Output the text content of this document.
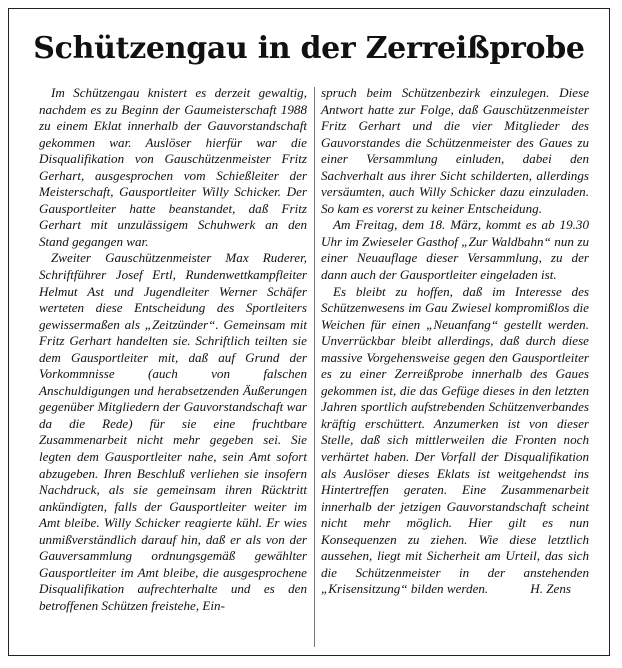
Schützengau in der Zerreißprobe

Im Schützengau knistert es derzeit gewaltig, nachdem es zu Beginn der Gaumeisterschaft 1988 zu einem Eklat innerhalb der Gauvorstandschaft gekommen war. Auslöser hierfür war die Disqualifikation von Gauschützenmeister Fritz Gerhart, ausgesprochen vom Schießleiter der Meisterschaft, Gausportleiter Willy Schicker. Der Gausportleiter hatte beanstandet, daß Fritz Gerhart mit unzulässigem Schuhwerk an den Stand gegangen war.

Zweiter Gauschützenmeister Max Ruderer, Schriftführer Josef Ertl, Rundenwettkampfleiter Helmut Ast und Jugendleiter Werner Schäfer werteten diese Entscheidung des Sportleiters gewissermaßen als „Zeitzünder“. Gemeinsam mit Fritz Gerhart handelten sie. Schriftlich teilten sie dem Gausportleiter mit, daß auf Grund der Vorkommnisse (auch von falschen Anschuldigungen und herabsetzenden Äußerungen gegenüber Mitgliedern der Gauvorstandschaft war da die Rede) für sie eine fruchtbare Zusammenarbeit nicht mehr gegeben sei. Sie legten dem Gausportleiter nahe, sein Amt sofort abzugeben. Ihren Beschluß verliehen sie insofern Nachdruck, als sie gemeinsam ihren Rücktritt ankündigten, falls der Gausportleiter weiter im Amt bleibe. Willy Schicker reagierte kühl. Er wies unmißverständlich darauf hin, daß er als von der Gauversammlung ordnungsgemäß gewählter Gausportleiter im Amt bleibe, die ausgesprochene Disqualifikation aufrechterhalte und es den betroffenen Schützen freistehe, Ein-

spruch beim Schützenbezirk einzulegen. Diese Antwort hatte zur Folge, daß Gauschützenmeister Fritz Gerhart und die vier Mitglieder des Gauvorstandes die Schützenmeister des Gaues zu einer Versammlung einluden, dabei den Sachverhalt aus ihrer Sicht schilderten, allerdings versäumten, auch Willy Schicker dazu einzuladen. So kam es vorerst zu keiner Entscheidung.

Am Freitag, dem 18. März, kommt es ab 19.30 Uhr im Zwieseler Gasthof „Zur Waldbahn“ nun zu einer Neuauflage dieser Versammlung, zu der dann auch der Gausportleiter eingeladen ist.

Es bleibt zu hoffen, daß im Interesse des Schützenwesens im Gau Zwiesel kompromißlos die Weichen für einen „Neuanfang“ gestellt werden. Unverrückbar bleibt allerdings, daß durch diese massive Vorgehensweise gegen den Gausportleiter es zu einer Zerreißprobe innerhalb des Gaues gekommen ist, die das Gefüge dieses in den letzten Jahren sportlich aufstrebenden Schützenverbandes kräftig erschüttert. Anzumerken ist von dieser Stelle, daß sich mittlerweilen die Fronten noch verhärtet haben. Der Vorfall der Disqualifikation als Auslöser dieses Eklats ist weitgehendst ins Hintertreffen geraten. Eine Zusammenarbeit innerhalb der jetzigen Gauvorstandschaft scheint nicht mehr möglich. Hier gilt es nun Konsequenzen zu ziehen. Wie diese letztlich aussehen, liegt mit Sicherheit am Urteil, das sich die Schützenmeister in der anstehenden „Krisensitzung“ bilden werden.	H. Zens
